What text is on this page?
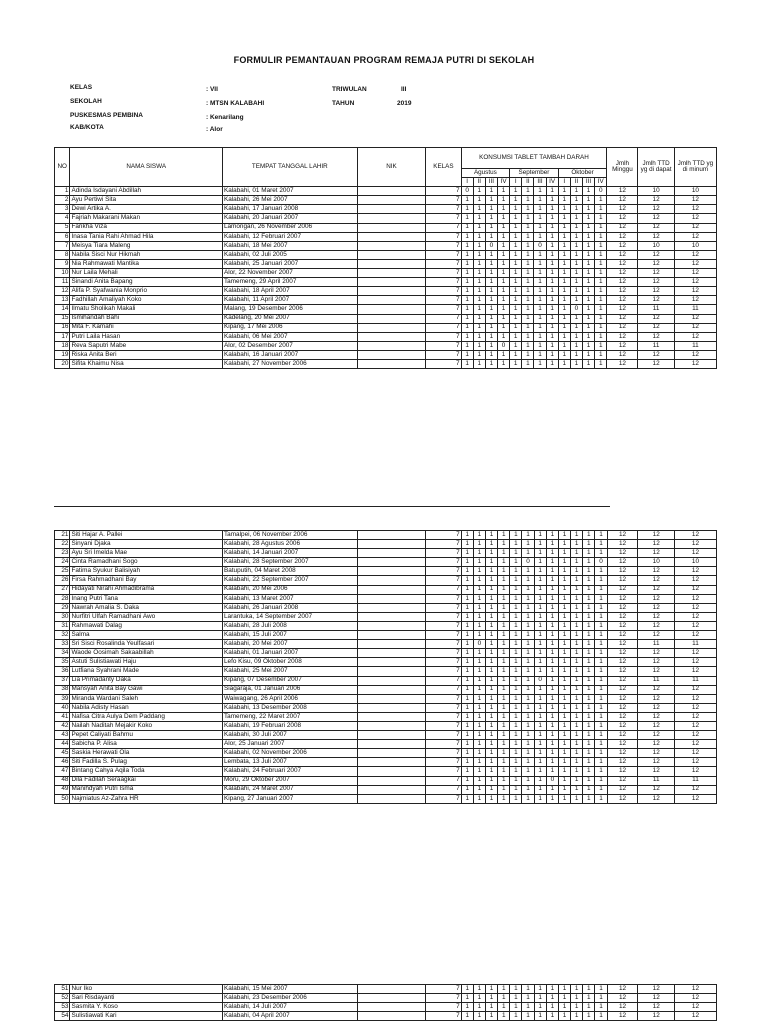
FORMULIR PEMANTAUAN PROGRAM REMAJA PUTRI DI SEKOLAH
KELAS	: VII
SEKOLAH	: MTSN KALABAHI
PUSKESMAS PEMBINA	: Kenarilang
KAB/KOTA	: Alor
TRIWULAN	III
TAHUN	2019
NO	NAMA SISWA	TEMPAT TANGGAL LAHIR	NIK	KELAS	KONSUMSI TABLET TAMBAH DARAH												Jmlh Minggu	Jmlh TTD yg di dapat	Jmlh TTD yg di minum
					Agustus				September				Oktober						
					I	II	III	IV	I	II	III	IV	I	II	III	IV			
1	Adinda Isdayani Abdillah	Kalabahi, 01 Maret 2007		7	0	1	1	1	1	1	1	1	1	1	1	0	12	10	10
2	Ayu Pertiwi Sita	Kalabahi, 26 Mei 2007		7	1	1	1	1	1	1	1	1	1	1	1	1	12	12	12
3	Dewi Artika A.	Kalabahi, 17 Januari 2008		7	1	1	1	1	1	1	1	1	1	1	1	1	12	12	12
4	Fajriah Makarani Makan	Kalabahi, 20 Januari 2007		7	1	1	1	1	1	1	1	1	1	1	1	1	12	12	12
5	Farikha Viza	Lamongan, 26 November 2006		7	1	1	1	1	1	1	1	1	1	1	1	1	12	12	12
6	Inasa Tania Rahi Ahmad Hila	Kalabahi, 12 Februari 2007		7	1	1	1	1	1	1	1	1	1	1	1	1	12	12	12
7	Meisya Tiara Maleng	Kalabahi, 18 Mei 2007		7	1	1	0	1	1	1	0	1	1	1	1	1	12	10	10
8	Nabila Sisci Nur Hikmah	Kalabahi, 02 Juli 2005		7	1	1	1	1	1	1	1	1	1	1	1	1	12	12	12
9	Nia Rahmawati Mantika	Kalabahi, 25 Januari 2007		7	1	1	1	1	1	1	1	1	1	1	1	1	12	12	12
10	Nur Laila Mehali	Alor, 22 November 2007		7	1	1	1	1	1	1	1	1	1	1	1	1	12	12	12
11	Sinandi Anita Bapang	Tamemeng, 29 April 2007		7	1	1	1	1	1	1	1	1	1	1	1	1	12	12	12
12	Alifa P. Syafwania Monprio	Kalabahi, 18 April 2007		7	1	1	1	1	1	1	1	1	1	1	1	1	12	12	12
13	Fadhillah Amaliyah Koko	Kalabahi, 11 April 2007		7	1	1	1	1	1	1	1	1	1	1	1	1	12	12	12
14	Ilmatu Sholikah Makali	Malang, 19 Desember 2006		7	1	1	1	1	1	1	1	1	1	0	1	1	12	11	11
15	Ismihandah Bahi	Kadelang, 20 Mei 2007		7	1	1	1	1	1	1	1	1	1	1	1	1	12	12	12
16	Mita F. Kamahi	Kipang, 17 Mei 2006		7	1	1	1	1	1	1	1	1	1	1	1	1	12	12	12
17	Putri Laila Hasan	Kalabahi, 06 Mei 2007		7	1	1	1	1	1	1	1	1	1	1	1	1	12	12	12
18	Reva Saputri Mabe	Alor, 02 Desember 2007		7	1	1	1	0	1	1	1	1	1	1	1	1	12	11	11
19	Riska Anita Beri	Kalabahi, 16 Januari 2007		7	1	1	1	1	1	1	1	1	1	1	1	1	12	12	12
20	Sifita Khaimu Nisa	Kalabahi, 27 November 2006		7	1	1	1	1	1	1	1	1	1	1	1	1	12	12	12
21	Siti Hajar A. Pallei	Tamalpei, 06 November 2006		7	1	1	1	1	1	1	1	1	1	1	1	1	12	12	12
22	Sinyani Djaka	Kalabahi, 28 Agustus 2006		7	1	1	1	1	1	1	1	1	1	1	1	1	12	12	12
23	Ayu Sri Imelda Mae	Kalabahi, 14 Januari 2007		7	1	1	1	1	1	1	1	1	1	1	1	1	12	12	12
24	Cinta Ramadhani Sogo	Kalabahi, 28 September 2007		7	1	1	1	1	1	0	1	1	1	1	1	0	12	10	10
25	Fatima Syukur Balisiyah	Batuputih, 04 Maret 2008		7	1	1	1	1	1	1	1	1	1	1	1	1	12	12	12
26	Firsa Rahmadhani Bay	Kalabahi, 22 September 2007		7	1	1	1	1	1	1	1	1	1	1	1	1	12	12	12
27	Hidayati Nirahi Ahmadibrama	Kalabahi, 20 Mei 2006		7	1	1	1	1	1	1	1	1	1	1	1	1	12	12	12
28	Inang Putri Tana	Kalabahi, 13 Maret 2007		7	1	1	1	1	1	1	1	1	1	1	1	1	12	12	12
29	Nawrah Amalia S. Daka	Kalabahi, 26 Januari 2008		7	1	1	1	1	1	1	1	1	1	1	1	1	12	12	12
30	Nurfitri Ulfah Ramadhani Awo	Larantuka, 14 September 2007		7	1	1	1	1	1	1	1	1	1	1	1	1	12	12	12
31	Rahmawati Dalag	Kalabahi, 28 Juli 2008		7	1	1	1	1	1	1	1	1	1	1	1	1	12	12	12
32	Salma	Kalabahi, 15 Juli 2007		7	1	1	1	1	1	1	1	1	1	1	1	1	12	12	12
33	Sri Sisci Rosalinda Yeulfasari	Kalabahi, 20 Mei 2007		7	1	0	1	1	1	1	1	1	1	1	1	1	12	11	11
34	Waode Oosimah Sakaabillah	Kalabahi, 01 Januari 2007		7	1	1	1	1	1	1	1	1	1	1	1	1	12	12	12
35	Astuti Sulistiawati Haju	Lefo Kisu, 09 Oktober 2008		7	1	1	1	1	1	1	1	1	1	1	1	1	12	12	12
36	Lutfiana Syahrani Made	Kalabahi, 25 Mei 2007		7	1	1	1	1	1	1	1	1	1	1	1	1	12	12	12
37	Lia Primadanty Daka	Kipang, 07 Desember 2007		7	1	1	1	1	1	1	0	1	1	1	1	1	12	11	11
38	Mansyah Anita Bay Gawi	Siagaraja, 01 Januari 2006		7	1	1	1	1	1	1	1	1	1	1	1	1	12	12	12
39	Miranda Wardani Saleh	Waiwagang, 26 April 2006		7	1	1	1	1	1	1	1	1	1	1	1	1	12	12	12
40	Nabila Adisty Hasan	Kalabahi, 13 Desember 2008		7	1	1	1	1	1	1	1	1	1	1	1	1	12	12	12
41	Nafisa Citra Aulya Dem Paddang	Tamemeng, 22 Maret 2007		7	1	1	1	1	1	1	1	1	1	1	1	1	12	12	12
42	Nailah Naditah Mejakir Koko	Kalabahi, 19 Februari 2008		7	1	1	1	1	1	1	1	1	1	1	1	1	12	12	12
43	Pepet Caliyati Bahmu	Kalabahi, 30 Juli 2007		7	1	1	1	1	1	1	1	1	1	1	1	1	12	12	12
44	Sabicha P. Alisa	Alor, 25 Januari 2007		7	1	1	1	1	1	1	1	1	1	1	1	1	12	12	12
45	Saskia Herawati Ola	Kalabahi, 02 November 2006		7	1	1	1	1	1	1	1	1	1	1	1	1	12	12	12
46	Siti Fadilla S. Pulag	Lembata, 13 Juli 2007		7	1	1	1	1	1	1	1	1	1	1	1	1	12	12	12
47	Bintang Cahya Aqila Toda	Kalabahi, 24 Februari 2007		7	1	1	1	1	1	1	1	1	1	1	1	1	12	12	12
48	Dila Fadilah Seraagkai	Moru, 29 Oktober 2007		7	1	1	1	1	1	1	1	0	1	1	1	1	12	11	11
49	Manihdyah Putri Isma	Kalabahi, 24 Maret 2007		7	1	1	1	1	1	1	1	1	1	1	1	1	12	12	12
50	Najmiatus Az-Zahra HR	Kipang, 27 Januari 2007		7	1	1	1	1	1	1	1	1	1	1	1	1	12	12	12
51	Nur Iko	Kalabahi, 15 Mei 2007		7	1	1	1	1	1	1	1	1	1	1	1	1	12	12	12
52	Sari Risdayanti	Kalabahi, 23 Desember 2006		7	1	1	1	1	1	1	1	1	1	1	1	1	12	12	12
53	Sasmita Y. Koso	Kalabahi, 14 Juli 2007		7	1	1	1	1	1	1	1	1	1	1	1	1	12	12	12
54	Sulistiawati Kari	Kalabahi, 04 April 2007		7	1	1	1	1	1	1	1	1	1	1	1	1	12	12	12
